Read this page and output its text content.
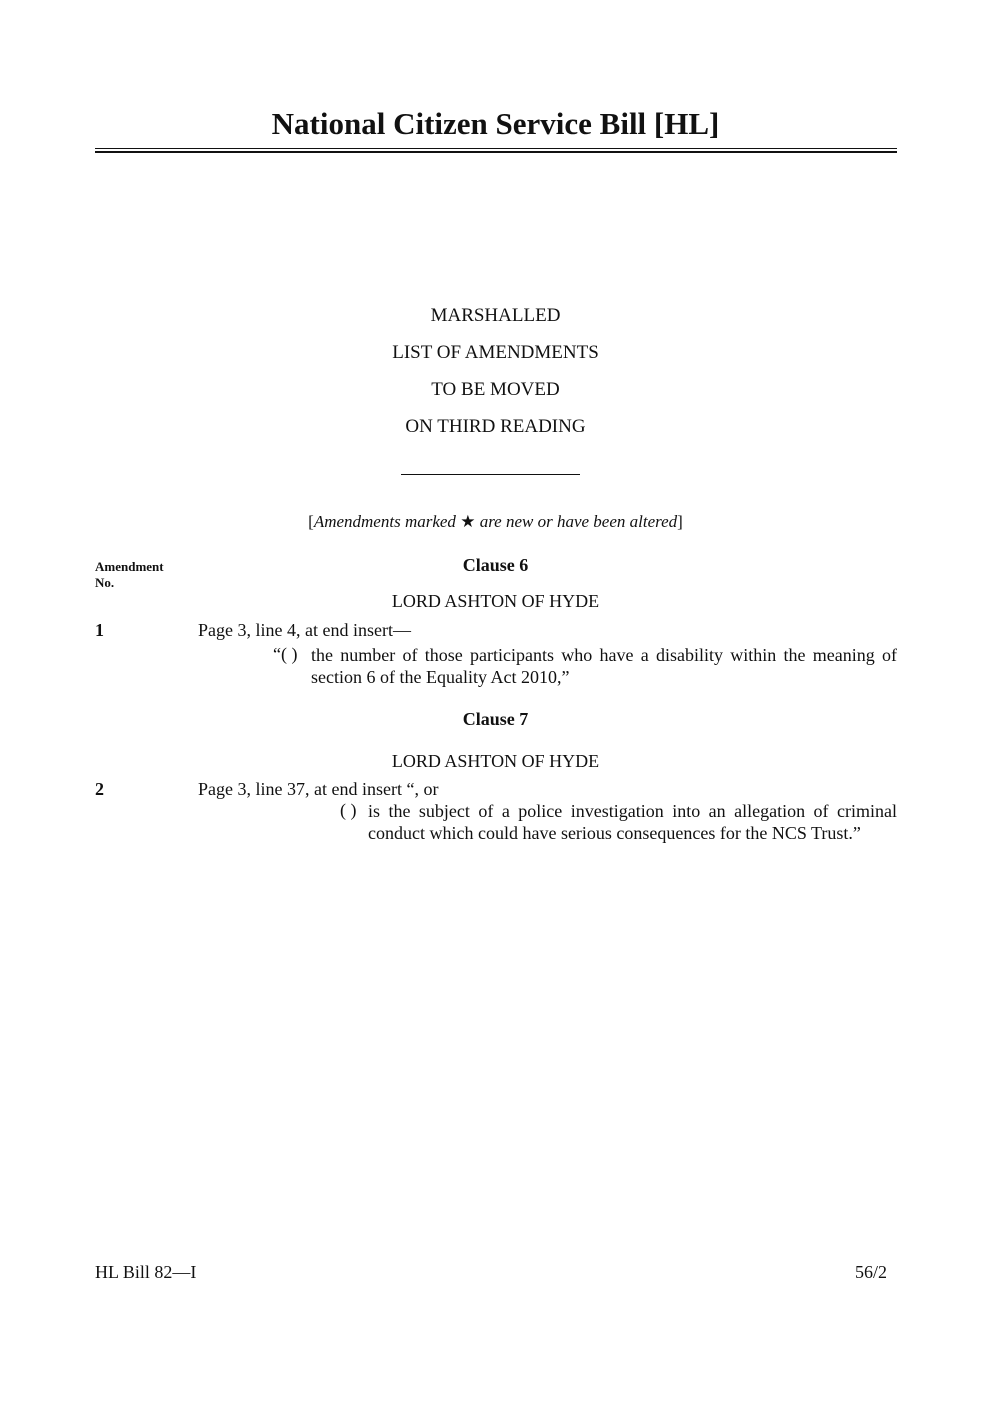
National Citizen Service Bill [HL]
MARSHALLED
LIST OF AMENDMENTS
TO BE MOVED
ON THIRD READING
[Amendments marked ★ are new or have been altered]
Amendment
No.
Clause 6
LORD ASHTON OF HYDE
1	Page 3, line 4, at end insert—
“( ) the number of those participants who have a disability within the meaning of section 6 of the Equality Act 2010,”
Clause 7
LORD ASHTON OF HYDE
2	Page 3, line 37, at end insert “, or
( ) is the subject of a police investigation into an allegation of criminal conduct which could have serious consequences for the NCS Trust.”
HL Bill 82—I	56/2
